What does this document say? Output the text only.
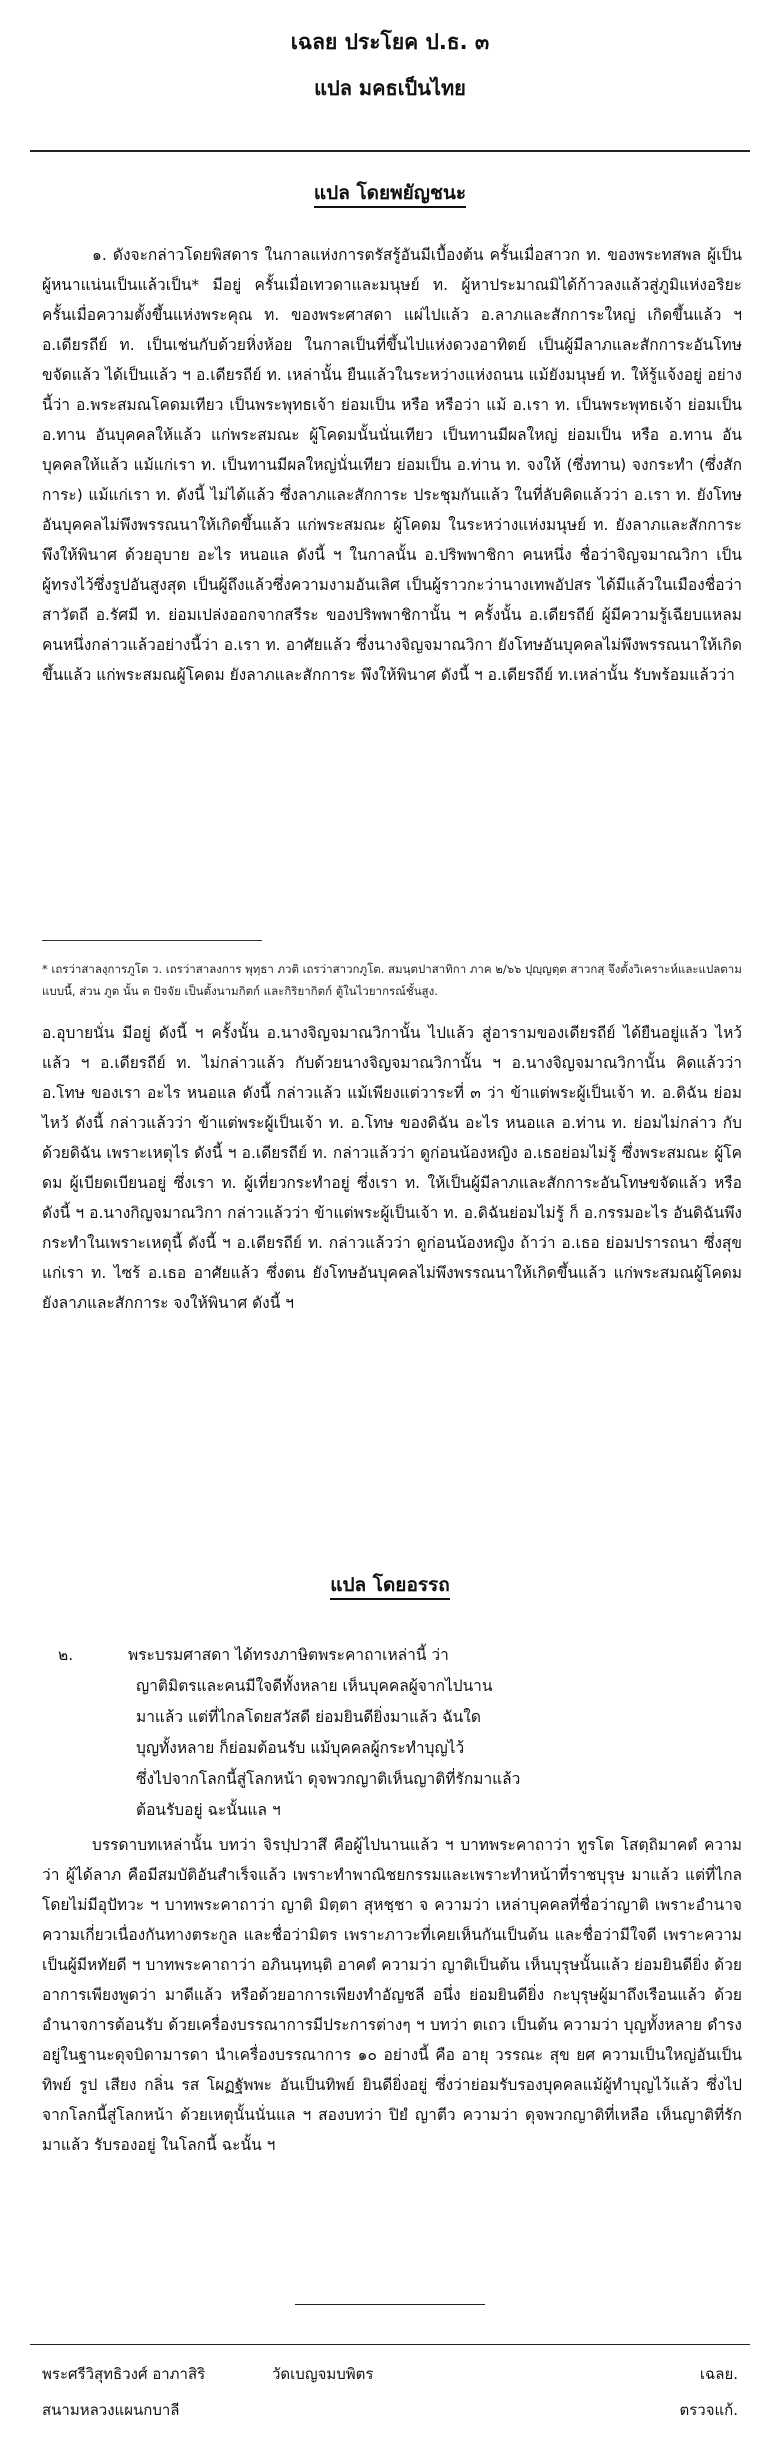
เฉลย ประโยค ป.ธ. ๓
แปล มคธเป็นไทย
แปล โดยพยัญชนะ
๑. ดังจะกล่าวโดยพิสดาร ในกาลแห่งการตรัสรู้อันมีเบื้องต้น ครั้นเมื่อสาวก ท. ของพระทสพล ผู้เป็นผู้หนาแน่นเป็นแล้วเป็น* มีอยู่ ครั้นเมื่อเทวดาและมนุษย์ ท. ผู้หาประมาณมิได้ก้าวลงแล้วสู่ภูมิแห่งอริยะ ครั้นเมื่อความตั้งขึ้นแห่งพระคุณ ท. ของพระศาสดา แผ่ไปแล้ว อ.ลาภและสักการะใหญ่ เกิดขึ้นแล้ว ฯ อ.เดียรถีย์ ท. เป็นเช่นกับด้วยหิ่งห้อย ในกาลเป็นที่ขึ้นไปแห่งดวงอาทิตย์ เป็นผู้มีลาภและสักการะอันโทษขจัดแล้ว ได้เป็นแล้ว ฯ อ.เดียรถีย์ ท. เหล่านั้น ยืนแล้วในระหว่างแห่งถนน แม้ยังมนุษย์ ท. ให้รู้แจ้งอยู่ อย่างนี้ว่า อ.พระสมณโคดมเทียว เป็นพระพุทธเจ้า ย่อมเป็น หรือ หรือว่า แม้ อ.เรา ท. เป็นพระพุทธเจ้า ย่อมเป็น อ.ทาน อันบุคคลให้แล้ว แก่พระสมณะ ผู้โคดมนั้นนั่นเทียว เป็นทานมีผลใหญ่ ย่อมเป็น หรือ อ.ทาน อันบุคคลให้แล้ว แม้แก่เรา ท. เป็นทานมีผลใหญ่นั่นเทียว ย่อมเป็น อ.ท่าน ท. จงให้ (ซึ่งทาน) จงกระทำ (ซึ่งสักการะ) แม้แก่เรา ท. ดังนี้ ไม่ได้แล้ว ซึ่งลาภและสักการะ ประชุมกันแล้ว ในที่ลับคิดแล้วว่า อ.เรา ท. ยังโทษอันบุคคลไม่พึงพรรณนาให้เกิดขึ้นแล้ว แก่พระสมณะ ผู้โคดม ในระหว่างแห่งมนุษย์ ท. ยังลาภและสักการะ พึงให้พินาศ ด้วยอุบาย อะไร หนอแล ดังนี้ ฯ ในกาลนั้น อ.ปริพพาชิกา คนหนึ่ง ชื่อว่าจิญจมาณวิกา เป็นผู้ทรงไว้ซึ่งรูปอันสูงสุด เป็นผู้ถึงแล้วซึ่งความงามอันเลิศ เป็นผู้ราวกะว่านางเทพอัปสร ได้มีแล้วในเมืองชื่อว่าสาวัตถี อ.รัศมี ท. ย่อมเปล่งออกจากสรีระ ของปริพพาชิกานั้น ฯ ครั้งนั้น อ.เดียรถีย์ ผู้มีความรู้เฉียบแหลมคนหนึ่งกล่าวแล้วอย่างนี้ว่า อ.เรา ท. อาศัยแล้ว ซึ่งนางจิญจมาณวิกา ยังโทษอันบุคคลไม่พึงพรรณนาให้เกิดขึ้นแล้ว แก่พระสมณผู้โคดม ยังลาภและสักการะ พึงให้พินาศ ดังนี้ ฯ อ.เดียรถีย์ ท.เหล่านั้น รับพร้อมแล้วว่า
* เถรว่าสาลงฺการภูโต ว. เถรว่าสาลงการ พุทฺธา ภวติ เถรว่าสาวกภูโต. สมนฺตปาสาทิกา ภาค ๒/๖๖ ปุญฺญตฺต สาวกสฺ จึงตั้งวิเคราะห์และแปลตามแบบนี้, ส่วน ภูต นั้น ต ปัจจัย เป็นตั้งนามกิตก์ และกิริยากิตก์ ตู้ในไวยากรณ์ชั้นสูง.
อ.อุบายนั่น มีอยู่ ดังนี้ ฯ ครั้งนั้น อ.นางจิญจมาณวิกานั้น ไปแล้ว สู่อารามของเดียรถีย์ ได้ยืนอยู่แล้ว ไหว้แล้ว ฯ อ.เดียรถีย์ ท. ไม่กล่าวแล้ว กับด้วยนางจิญจมาณวิกานั้น ฯ อ.นางจิญจมาณวิกานั้น คิดแล้วว่า อ.โทษ ของเรา อะไร หนอแล ดังนี้ กล่าวแล้ว แม้เพียงแต่วาระที่ ๓ ว่า ข้าแต่พระผู้เป็นเจ้า ท. อ.ดิฉัน ย่อมไหว้ ดังนี้ กล่าวแล้วว่า ข้าแต่พระผู้เป็นเจ้า ท. อ.โทษ ของดิฉัน อะไร หนอแล อ.ท่าน ท. ย่อมไม่กล่าว กับ ด้วยดิฉัน เพราะเหตุไร ดังนี้ ฯ อ.เดียรถีย์ ท. กล่าวแล้วว่า ดูก่อนน้องหญิง อ.เธอย่อมไม่รู้ ซึ่งพระสมณะ ผู้โคดม ผู้เบียดเบียนอยู่ ซึ่งเรา ท. ผู้เที่ยวกระทำอยู่ ซึ่งเรา ท. ให้เป็นผู้มีลาภและสักการะอันโทษขจัดแล้ว หรือ ดังนี้ ฯ อ.นางกิญจมาณวิกา กล่าวแล้วว่า ข้าแต่พระผู้เป็นเจ้า ท. อ.ดิฉันย่อมไม่รู้ ก็ อ.กรรมอะไร อันดิฉันพึงกระทำในเพราะเหตุนี้ ดังนี้ ฯ อ.เดียรถีย์ ท. กล่าวแล้วว่า ดูก่อนน้องหญิง ถ้าว่า อ.เธอ ย่อมปรารถนา ซึ่งสุข แก่เรา ท. ไซร้ อ.เธอ อาศัยแล้ว ซึ่งตน ยังโทษอันบุคคลไม่พึงพรรณนาให้เกิดขึ้นแล้ว แก่พระสมณผู้โคดม ยังลาภและสักการะ จงให้พินาศ ดังนี้ ฯ
แปล โดยอรรถ
๒.	พระบรมศาสดา ได้ทรงภาษิตพระคาถาเหล่านี้ ว่า
ญาติมิตรและคนมีใจดีทั้งหลาย เห็นบุคคลผู้จากไปนาน
มาแล้ว แต่ที่ไกลโดยสวัสดี ย่อมยินดียิ่งมาแล้ว ฉันใด
บุญทั้งหลาย ก็ย่อมต้อนรับ แม้บุคคลผู้กระทำบุญไว้
ซึ่งไปจากโลกนี้สู่โลกหน้า ดุจพวกญาติเห็นญาติที่รักมาแล้ว
ต้อนรับอยู่ ฉะนั้นแล ฯ
บรรดาบทเหล่านั้น บทว่า จิรปฺปวาสึ คือผู้ไปนานแล้ว ฯ บาทพระคาถาว่า ทูรโต โสตฺถิมาคตํ ความว่า ผู้ได้ลาภ คือมีสมบัติอันสำเร็จแล้ว เพราะทำพาณิชยกรรมและเพราะทำหน้าที่ราชบุรุษ มาแล้ว แต่ที่ไกล โดยไม่มีอุปัทวะ ฯ บาทพระคาถาว่า ญาติ มิตฺตา สุหชฺชา จ ความว่า เหล่าบุคคลที่ชื่อว่าญาติ เพราะอำนาจความเกี่ยวเนื่องกันทางตระกูล และชื่อว่ามิตร เพราะภาวะที่เคยเห็นกันเป็นต้น และชื่อว่ามีใจดี เพราะความเป็นผู้มีหทัยดี ฯ บาทพระคาถาว่า อภินนฺทนฺติ อาคตํ ความว่า ญาติเป็นต้น เห็นบุรุษนั้นแล้ว ย่อมยินดียิ่ง ด้วยอาการเพียงพูดว่า มาดีแล้ว หรือด้วยอาการเพียงทำอัญชลี อนึ่ง ย่อมยินดียิ่ง กะบุรุษผู้มาถึงเรือนแล้ว ด้วยอำนาจการต้อนรับ ด้วยเครื่องบรรณาการมีประการต่างๆ ฯ บทว่า ตเถว เป็นต้น ความว่า บุญทั้งหลาย ดำรงอยู่ในฐานะดุจบิดามารดา นำเครื่องบรรณาการ ๑๐ อย่างนี้ คือ อายุ วรรณะ สุข ยศ ความเป็นใหญ่อันเป็นทิพย์ รูป เสียง กลิ่น รส โผฏฐัพพะ อันเป็นทิพย์ ยินดียิ่งอยู่ ซึ่งว่าย่อมรับรองบุคคลแม้ผู้ทำบุญไว้แล้ว ซึ่งไปจากโลกนี้สู่โลกหน้า ด้วยเหตุนั้นนั่นแล ฯ สองบทว่า ปิยํ ญาตีว ความว่า ดุจพวกญาติที่เหลือ เห็นญาติที่รักมาแล้ว รับรองอยู่ ในโลกนี้ ฉะนั้น ฯ
พระศรีวิสุทธิวงศ์ อาภาสิริ	วัดเบญจมบพิตร	เฉลย.
สนามหลวงแผนกบาลี	ตรวจแก้.
